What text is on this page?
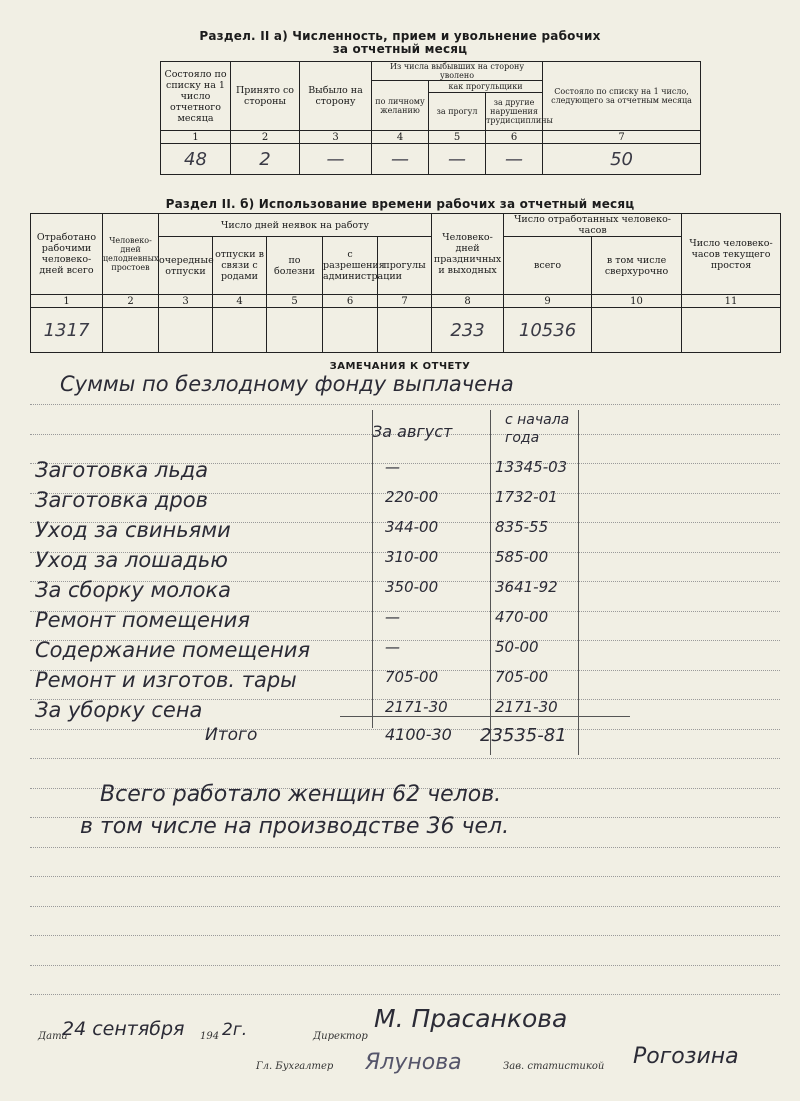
Раздел. II а) Численность, прием и увольнение рабочих
за отчетный месяц
Состояло по списку на 1 число отчетного месяца	Принято со стороны	Выбыло на сторону	Из числа выбывших на сторону уволено			Состояло по списку на 1 число, следующего за отчетным месяца
			по личному желанию	как прогульщики		
				за прогул	за другие нарушения трудисциплины	
1	2	3	4	5	6	7
48	2	—	—	—	—	50
Раздел II. б) Использование времени рабочих за отчетный месяц
Отработано рабочими человеко-дней всего	Человеко-дней целодневных простоев	Число дней неявок на работу					Человеко-дней праздничных и выходных	Число отработанных человеко-часов		Число человеко-часов текущего простоя
		очередные отпуски	отпуски в связи с родами	по болезни	с разрешения администрации	прогулы		всего	в том числе сверхурочно	
1	2	3	4	5	6	7	8	9	10	11
1317							233	10536		
ЗАМЕЧАНИЯ К ОТЧЕТУ
Суммы по безлодному фонду выплачена
За август
с начала
года
Заготовка льда	—	13345-03
Заготовка дров	220-00	1732-01
Уход за свиньями	344-00	835-55
Уход за лошадью	310-00	585-00
За сборку молока	350-00	3641-92
Ремонт помещения	—	470-00
Содержание помещения	—	50-00
Ремонт и изготов. тары	705-00	705-00
За уборку сена	2171-30	2171-30
Итого	4100-30 23535-81
Всего работало женщин 62 челов.
в том числе на производстве 36 чел.
Дата
24 сентября 194 2г.	Директор
М. Прасанкова
Гл. Бухгалтер Ялунова	Зав. статистикой Рогозина
